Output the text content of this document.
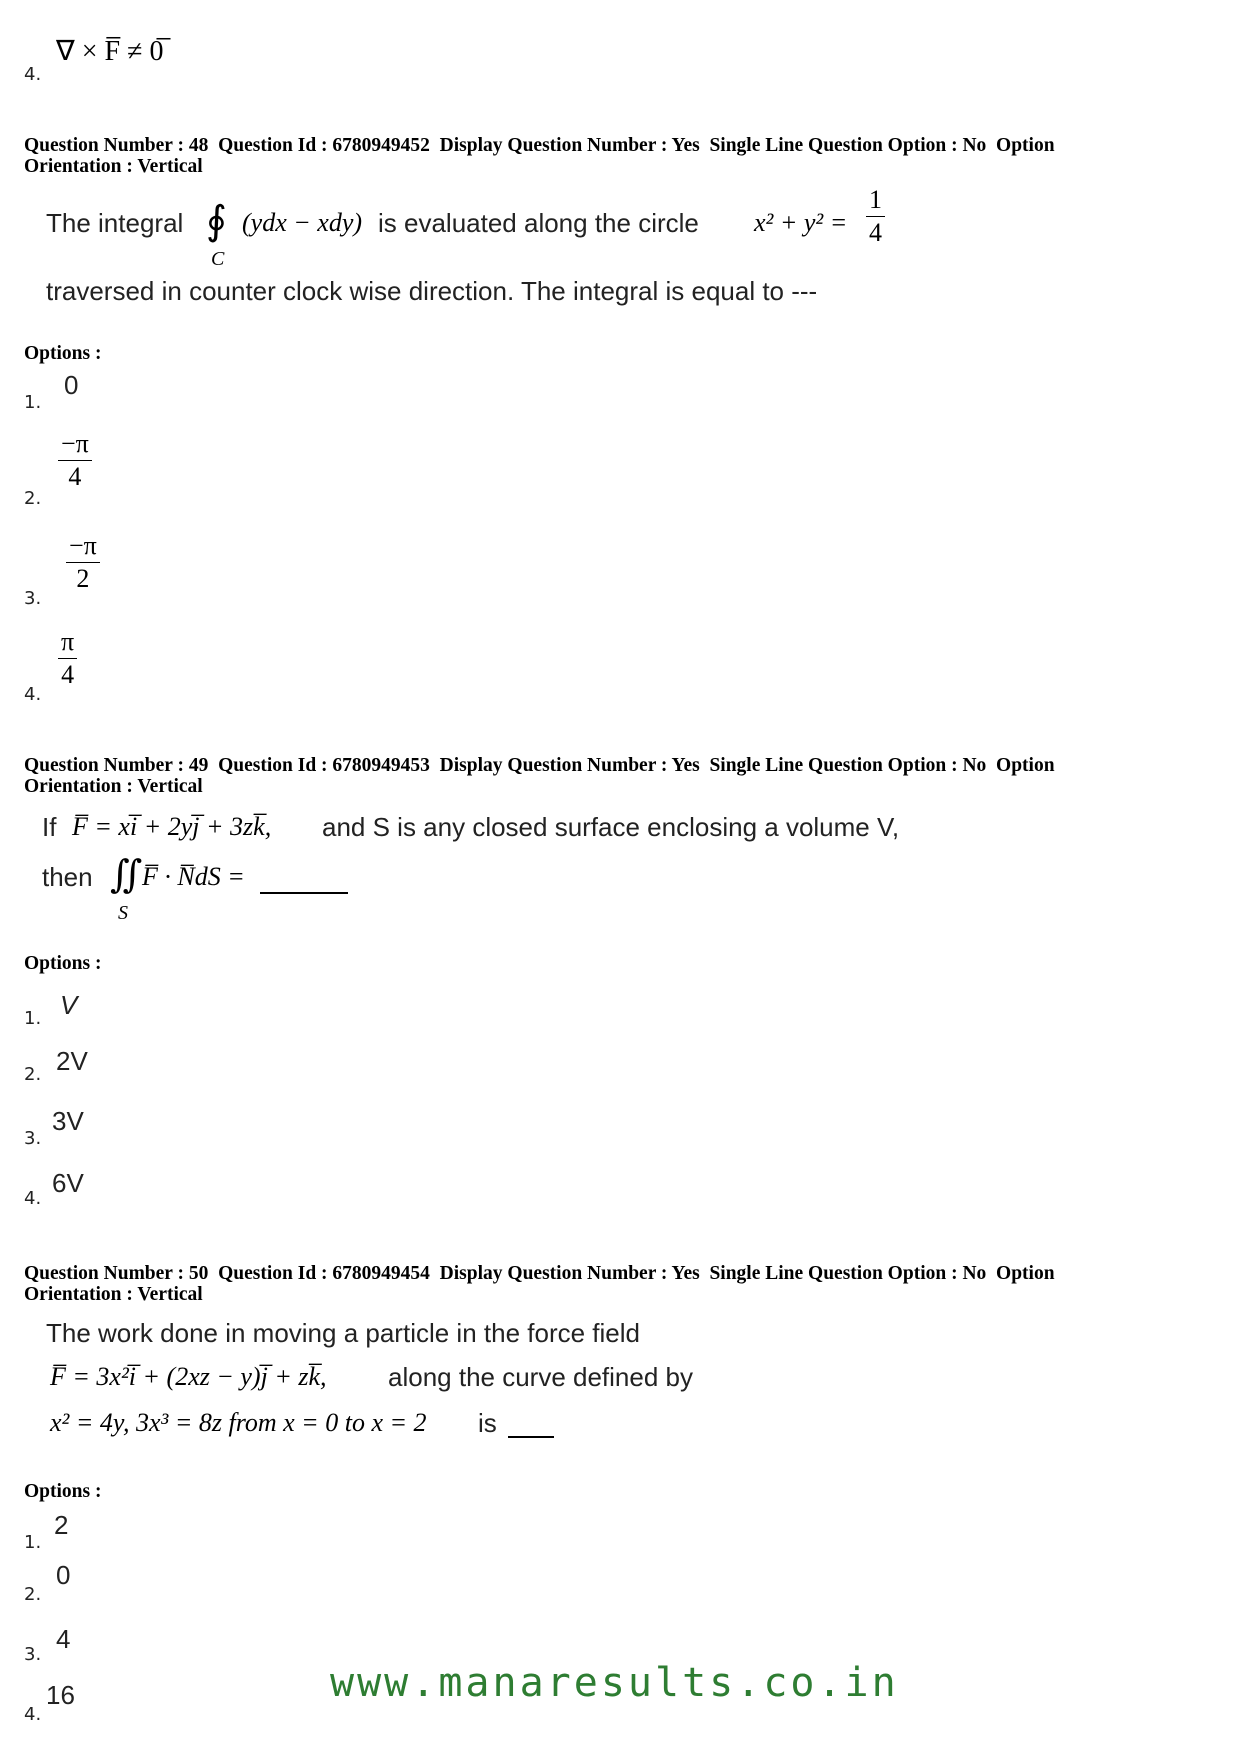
4.
∇ × F̅ ≠ 0̅
Question Number : 48  Question Id : 6780949452  Display Question Number : Yes  Single Line Question Option : No  Option
Orientation : Vertical
The integral ∮
C
(ydx − xdy) is evaluated along the circle $x^2 + y^2 = \frac{1}{4}$
traversed in counter clock wise direction. The integral is equal to ---
Options :
1.
0
2.
$\frac{-\pi}{4}$
3.
$\frac{-\pi}{2}$
4.
$\frac{\pi}{4}$
Question Number : 49  Question Id : 6780949453  Display Question Number : Yes  Single Line Question Option : No  Option
Orientation : Vertical
If F̅ = xi̅ + 2yj̅ + 3zk̅, and S is any closed surface enclosing a volume V,
then ∬
S
F̅ · N̅dS =
Options :
1. V
2. 2V
3.
3V
4.
6V
Question Number : 50  Question Id : 6780949454  Display Question Number : Yes  Single Line Question Option : No  Option
Orientation : Vertical
The work done in moving a particle in the force field
F̅ = 3x²i̅ + (2xz − y)j̅ + zk̅, along the curve defined by
x² = 4y, 3x³ = 8z from x = 0 to x = 2 is
Options :
1.
2
2.
0
3.
4
4.
16	www.manaresults.co.in
